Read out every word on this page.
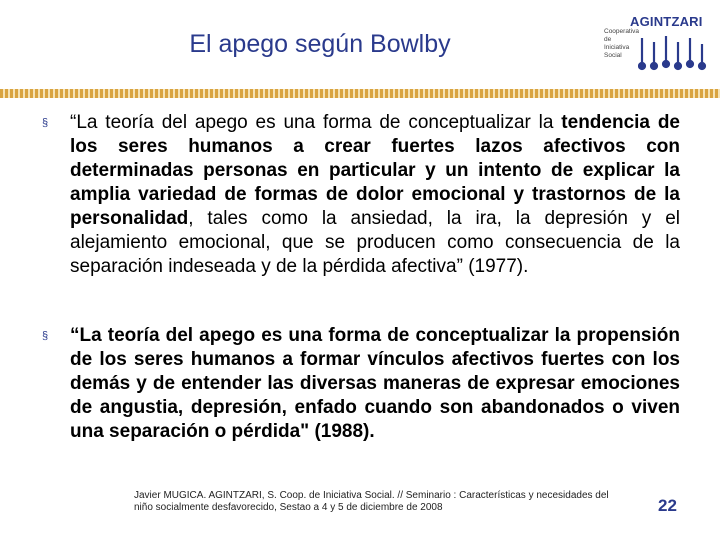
El apego según Bowlby
AGINTZARI
Cooperativa de Iniciativa Social
§ “La teoría del apego es una forma de conceptualizar la tendencia de los seres humanos a crear fuertes lazos afectivos con determinadas personas en particular y un intento de explicar la amplia variedad de formas de dolor emocional y trastornos de la personalidad, tales como la ansiedad, la ira, la depresión y el alejamiento emocional, que se producen como consecuencia de la separación indeseada y de la pérdida afectiva” (1977).
§ “La teoría del apego es una forma de conceptualizar la propensión de los seres humanos a formar vínculos afectivos fuertes con los demás y de entender las diversas maneras de expresar emociones de angustia, depresión, enfado cuando son abandonados o viven una separación o pérdida" (1988).
Javier MUGICA. AGINTZARI, S. Coop. de Iniciativa Social. // Seminario : Características y necesidades del niño socialmente desfavorecido, Sestao a 4 y 5 de diciembre de 2008	22
